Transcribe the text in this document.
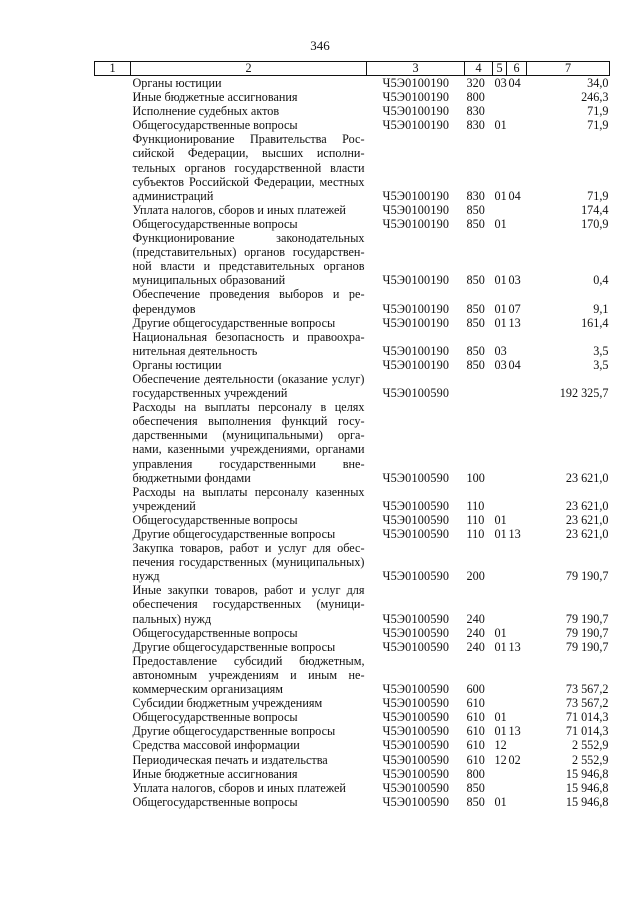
346
1	2	3	4	5	6	7
	Органы юстиции	Ч5Э0100190	320	03	04	34,0
	Иные бюджетные ассигнования	Ч5Э0100190	800			246,3
	Исполнение судебных актов	Ч5Э0100190	830			71,9
	Общегосударственные вопросы	Ч5Э0100190	830	01		71,9
	Функционирование Правительства Российской Федерации, высших исполнительных органов государственной власти субъектов Российской Федерации, местных администраций	Ч5Э0100190	830	01	04	71,9
	Уплата налогов, сборов и иных платежей	Ч5Э0100190	850			174,4
	Общегосударственные вопросы	Ч5Э0100190	850	01		170,9
	Функционирование законодательных (представительных) органов государственной власти и представительных органов муниципальных образований	Ч5Э0100190	850	01	03	0,4
	Обеспечение проведения выборов и референдумов	Ч5Э0100190	850	01	07	9,1
	Другие общегосударственные вопросы	Ч5Э0100190	850	01	13	161,4
	Национальная безопасность и правоохранительная деятельность	Ч5Э0100190	850	03		3,5
	Органы юстиции	Ч5Э0100190	850	03	04	3,5
	Обеспечение деятельности (оказание услуг) государственных учреждений	Ч5Э0100590				192 325,7
	Расходы на выплаты персоналу в целях обеспечения выполнения функций государственными (муниципальными) органами, казенными учреждениями, органами управления государственными внебюджетными фондами	Ч5Э0100590	100			23 621,0
	Расходы на выплаты персоналу казенных учреждений	Ч5Э0100590	110			23 621,0
	Общегосударственные вопросы	Ч5Э0100590	110	01		23 621,0
	Другие общегосударственные вопросы	Ч5Э0100590	110	01	13	23 621,0
	Закупка товаров, работ и услуг для обеспечения государственных (муниципальных) нужд	Ч5Э0100590	200			79 190,7
	Иные закупки товаров, работ и услуг для обеспечения государственных (муниципальных) нужд	Ч5Э0100590	240			79 190,7
	Общегосударственные вопросы	Ч5Э0100590	240	01		79 190,7
	Другие общегосударственные вопросы	Ч5Э0100590	240	01	13	79 190,7
	Предоставление субсидий бюджетным, автономным учреждениям и иным некоммерческим организациям	Ч5Э0100590	600			73 567,2
	Субсидии бюджетным учреждениям	Ч5Э0100590	610			73 567,2
	Общегосударственные вопросы	Ч5Э0100590	610	01		71 014,3
	Другие общегосударственные вопросы	Ч5Э0100590	610	01	13	71 014,3
	Средства массовой информации	Ч5Э0100590	610	12		2 552,9
	Периодическая печать и издательства	Ч5Э0100590	610	12	02	2 552,9
	Иные бюджетные ассигнования	Ч5Э0100590	800			15 946,8
	Уплата налогов, сборов и иных платежей	Ч5Э0100590	850			15 946,8
	Общегосударственные вопросы	Ч5Э0100590	850	01		15 946,8
